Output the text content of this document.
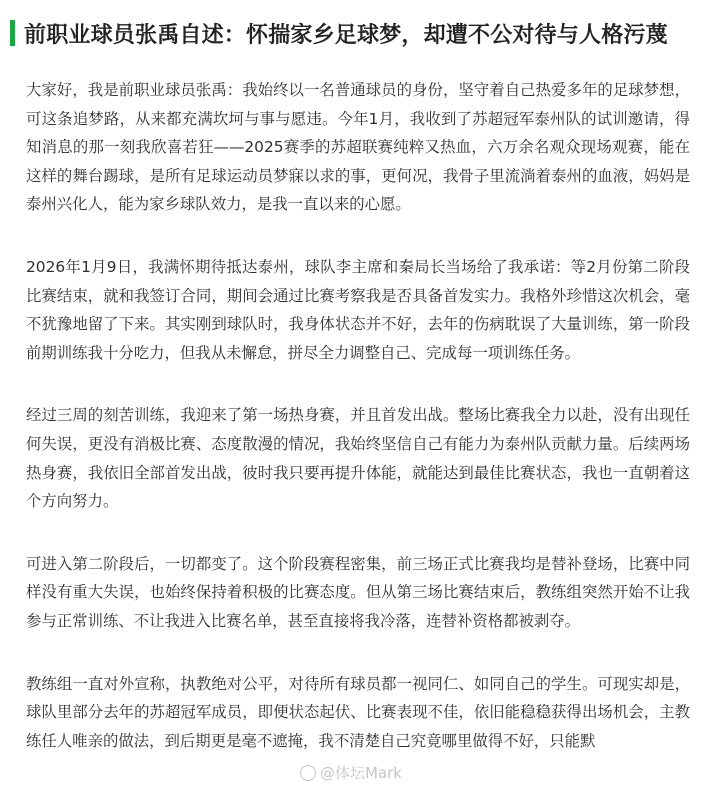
前职业球员张禹自述：怀揣家乡足球梦，却遭不公对待与人格污蔑

大家好，我是前职业球员张禹：我始终以一名普通球员的身份，坚守着自己热爱多年的足球梦想，可这条追梦路，从来都充满坎坷与事与愿违。今年1月，我收到了苏超冠军泰州队的试训邀请，得知消息的那一刻我欣喜若狂——2025赛季的苏超联赛纯粹又热血，六万余名观众现场观赛，能在这样的舞台踢球，是所有足球运动员梦寐以求的事，更何况，我骨子里流淌着泰州的血液，妈妈是泰州兴化人，能为家乡球队效力，是我一直以来的心愿。

2026年1月9日，我满怀期待抵达泰州，球队李主席和秦局长当场给了我承诺：等2月份第二阶段比赛结束，就和我签订合同，期间会通过比赛考察我是否具备首发实力。我格外珍惜这次机会，毫不犹豫地留了下来。其实刚到球队时，我身体状态并不好，去年的伤病耽误了大量训练，第一阶段前期训练我十分吃力，但我从未懈怠，拼尽全力调整自己、完成每一项训练任务。

经过三周的刻苦训练，我迎来了第一场热身赛，并且首发出战。整场比赛我全力以赴，没有出现任何失误，更没有消极比赛、态度散漫的情况，我始终坚信自己有能力为泰州队贡献力量。后续两场热身赛，我依旧全部首发出战，彼时我只要再提升体能，就能达到最佳比赛状态，我也一直朝着这个方向努力。

可进入第二阶段后，一切都变了。这个阶段赛程密集，前三场正式比赛我均是替补登场，比赛中同样没有重大失误，也始终保持着积极的比赛态度。但从第三场比赛结束后，教练组突然开始不让我参与正常训练、不让我进入比赛名单，甚至直接将我冷落，连替补资格都被剥夺。

教练组一直对外宣称，执教绝对公平，对待所有球员都一视同仁、如同自己的学生。可现实却是，球队里部分去年的苏超冠军成员，即便状态起伏、比赛表现不佳，依旧能稳稳获得出场机会，主教练任人唯亲的做法，到后期更是毫不遮掩，我不清楚自己究竟哪里做得不好，只能默

@体坛Mark
